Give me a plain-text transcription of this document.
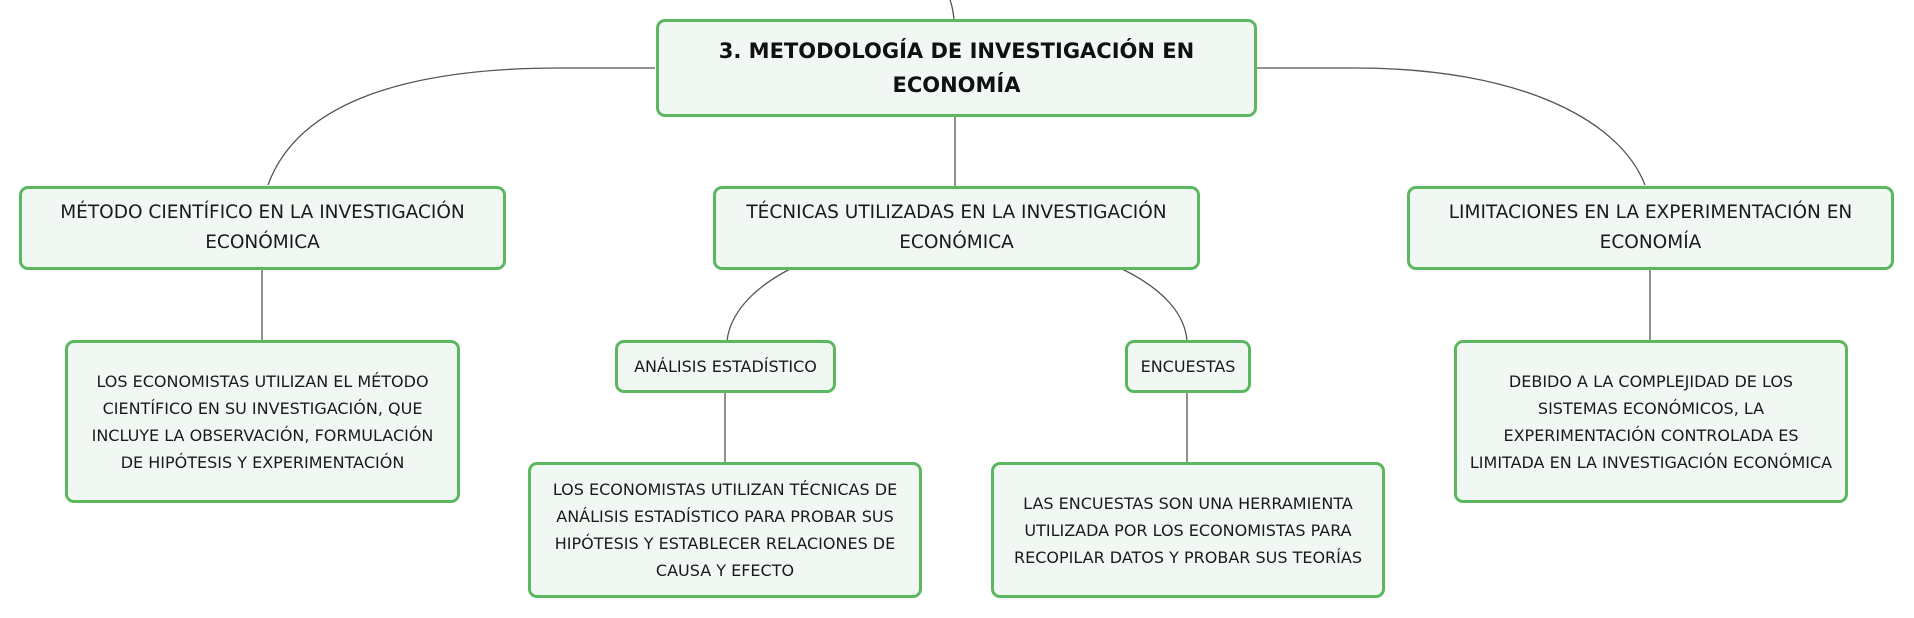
3. METODOLOGÍA DE INVESTIGACIÓN EN ECONOMÍA
MÉTODO CIENTÍFICO EN LA INVESTIGACIÓN ECONÓMICA
TÉCNICAS UTILIZADAS EN LA INVESTIGACIÓN ECONÓMICA
LIMITACIONES EN LA EXPERIMENTACIÓN EN ECONOMÍA
LOS ECONOMISTAS UTILIZAN EL MÉTODO CIENTÍFICO EN SU INVESTIGACIÓN, QUE INCLUYE LA OBSERVACIÓN, FORMULACIÓN DE HIPÓTESIS Y EXPERIMENTACIÓN
ANÁLISIS ESTADÍSTICO	ENCUESTAS
LOS ECONOMISTAS UTILIZAN TÉCNICAS DE ANÁLISIS ESTADÍSTICO PARA PROBAR SUS HIPÓTESIS Y ESTABLECER RELACIONES DE CAUSA Y EFECTO
LAS ENCUESTAS SON UNA HERRAMIENTA UTILIZADA POR LOS ECONOMISTAS PARA RECOPILAR DATOS Y PROBAR SUS TEORÍAS
DEBIDO A LA COMPLEJIDAD DE LOS SISTEMAS ECONÓMICOS, LA EXPERIMENTACIÓN CONTROLADA ES LIMITADA EN LA INVESTIGACIÓN ECONÓMICA
